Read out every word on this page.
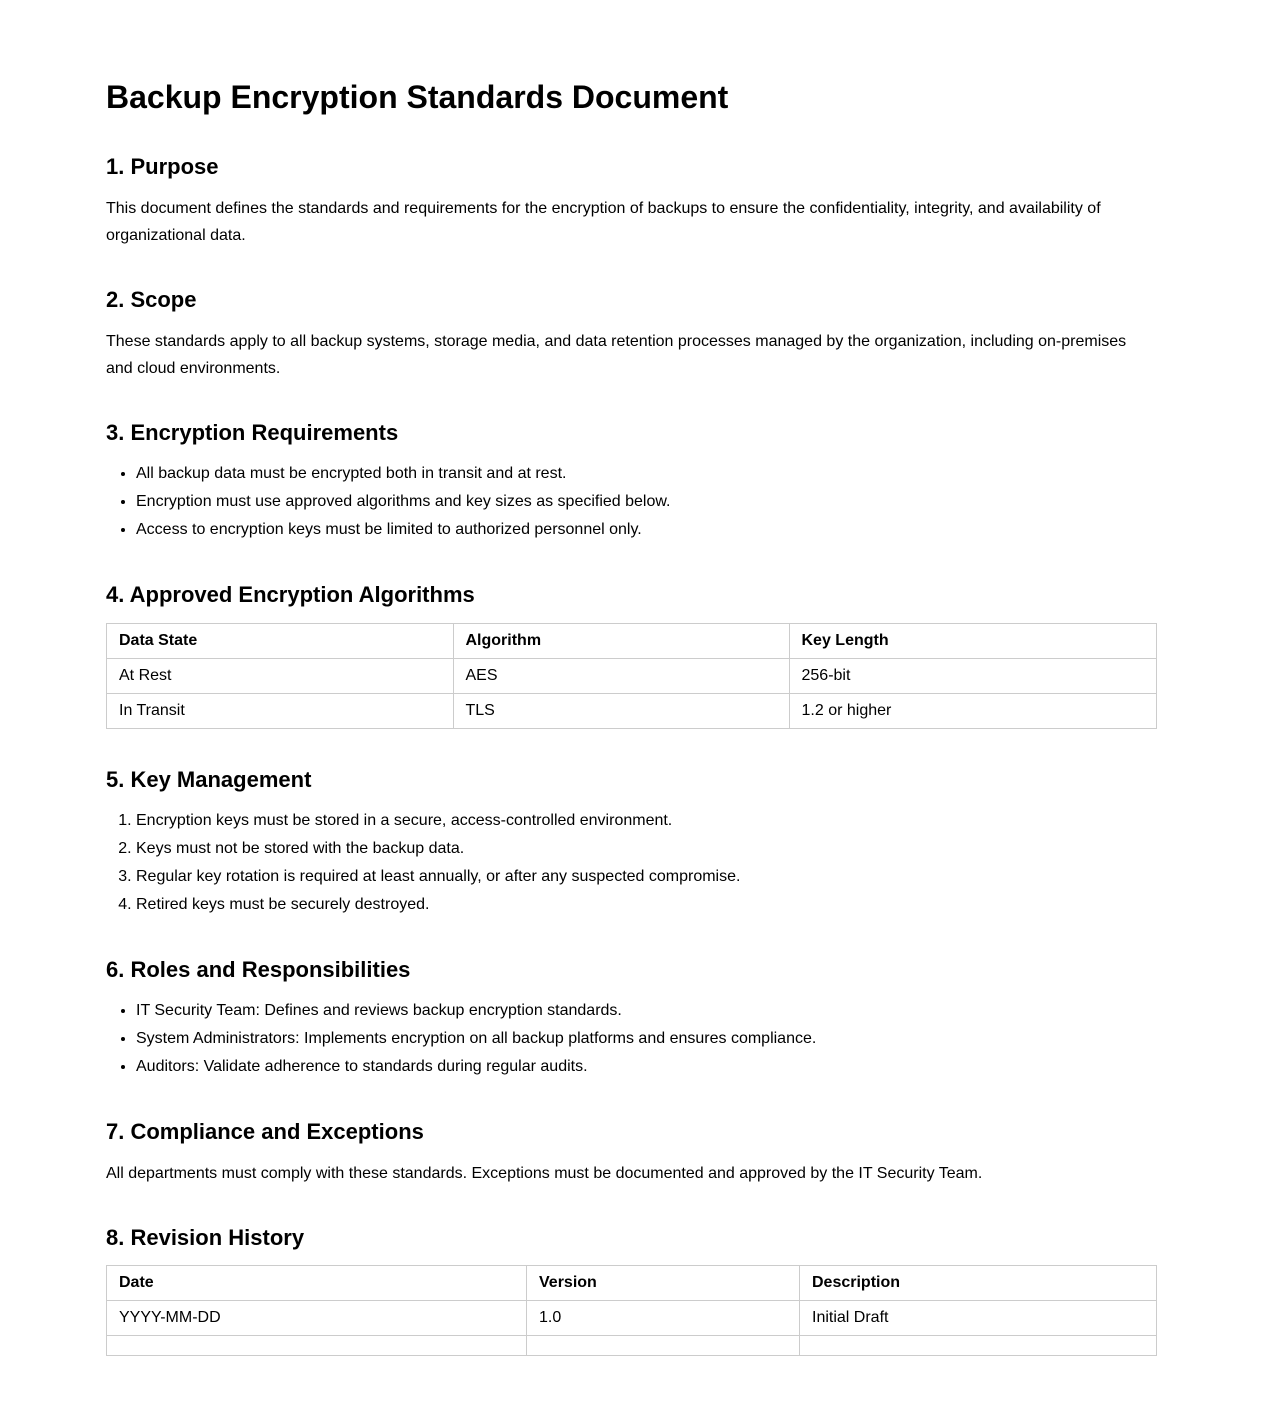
Backup Encryption Standards Document
1. Purpose

This document defines the standards and requirements for the encryption of backups to ensure the confidentiality, integrity, and availability of organizational data.

2. Scope

These standards apply to all backup systems, storage media, and data retention processes managed by the organization, including on-premises and cloud environments.

3. Encryption Requirements
• All backup data must be encrypted both in transit and at rest.
• Encryption must use approved algorithms and key sizes as specified below.
• Access to encryption keys must be limited to authorized personnel only.
4. Approved Encryption Algorithms
Data State	Algorithm	Key Length
At Rest	AES	256-bit
In Transit	TLS	1.2 or higher
5. Key Management
1. Encryption keys must be stored in a secure, access-controlled environment.
2. Keys must not be stored with the backup data.
3. Regular key rotation is required at least annually, or after any suspected compromise.
4. Retired keys must be securely destroyed.
6. Roles and Responsibilities
• IT Security Team: Defines and reviews backup encryption standards.
• System Administrators: Implements encryption on all backup platforms and ensures compliance.
• Auditors: Validate adherence to standards during regular audits.
7. Compliance and Exceptions

All departments must comply with these standards. Exceptions must be documented and approved by the IT Security Team.

8. Revision History
Date	Version	Description
YYYY-MM-DD	1.0	Initial Draft
